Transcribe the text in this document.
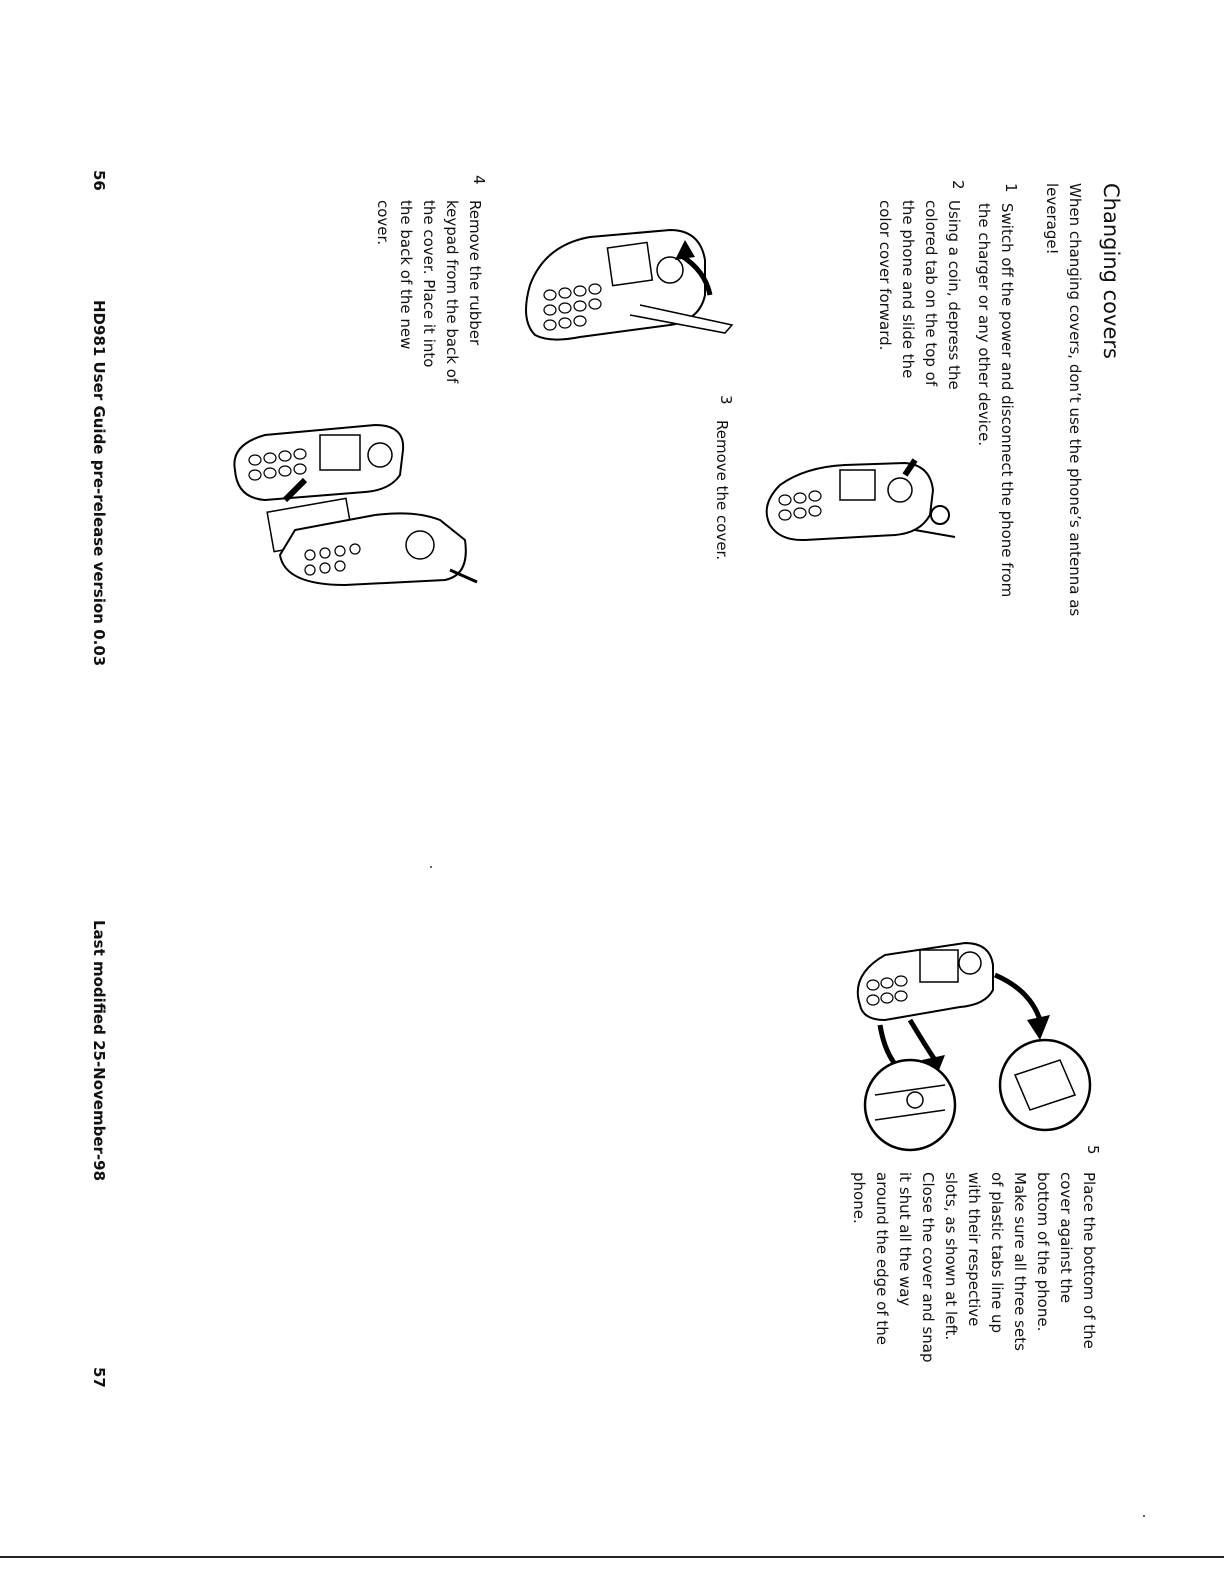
Changing covers
When changing covers, don’t use the phone’s antenna as
leverage!
1
Switch off the power and disconnect the phone from
the charger or any other device.
2
Using a coin, depress the
colored tab on the top of
the phone and slide the
color cover forward.
3
Remove the cover.
4
Remove the rubber
keypad from the back of
the cover. Place it into
the back of the new
cover.
5
Place the bottom of the
cover against the
bottom of the phone.
Make sure all three sets
of plastic tabs line up
with their respective
slots, as shown at left.
Close the cover and snap
it shut all the way
around the edge of the
phone.
56
HD981 User Guide pre-release version 0.03
Last modified 25-November-98
57
